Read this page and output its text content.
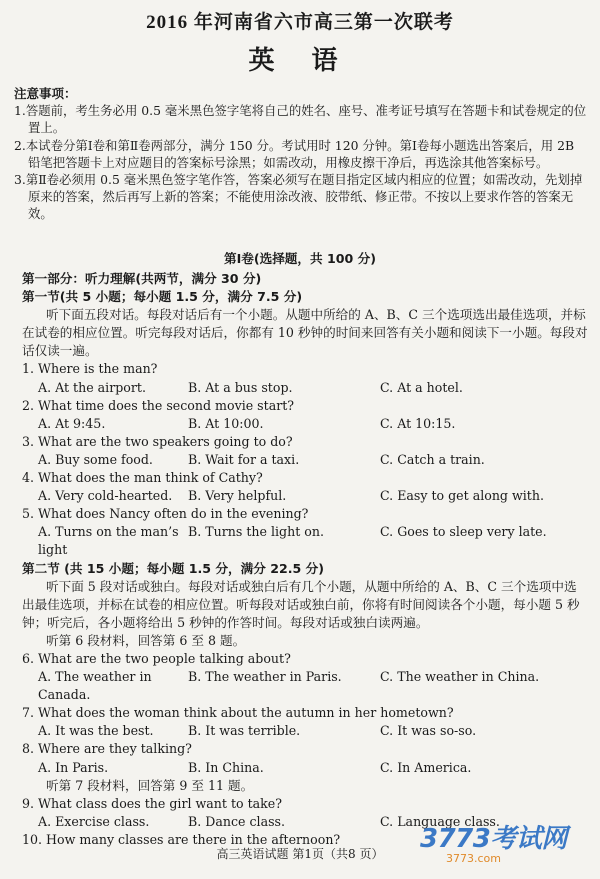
2016 年河南省六市高三第一次联考
英 语
注意事项：
1.答题前，考生务必用 0.5 毫米黑色签字笔将自己的姓名、座号、准考证号填写在答题卡和试卷规定的位置上。
2.本试卷分第Ⅰ卷和第Ⅱ卷两部分，满分 150 分。考试用时 120 分钟。第Ⅰ卷每小题选出答案后，用 2B 铅笔把答题卡上对应题目的答案标号涂黑；如需改动，用橡皮擦干净后，再选涂其他答案标号。
3.第Ⅱ卷必须用 0.5 毫米黑色签字笔作答，答案必须写在题目指定区域内相应的位置；如需改动，先划掉原来的答案，然后再写上新的答案；不能使用涂改液、胶带纸、修正带。不按以上要求作答的答案无效。
第Ⅰ卷(选择题，共 100 分)
第一部分：听力理解(共两节，满分 30 分)
第一节(共 5 小题；每小题 1.5 分，满分 7.5 分)
听下面五段对话。每段对话后有一个小题。从题中所给的 A、B、C 三个选项选出最佳选项，并标在试卷的相应位置。听完每段对话后，你都有 10 秒钟的时间来回答有关小题和阅读下一小题。每段对话仅读一遍。
1. Where is the man?
A. At the airport.	B. At a bus stop.	C. At a hotel.
2. What time does the second movie start?
A. At 9:45.	B. At 10:00.	C. At 10:15.
3. What are the two speakers going to do?
A. Buy some food.	B. Wait for a taxi.	C. Catch a train.
4. What does the man think of Cathy?
A. Very cold-hearted.	B. Very helpful.	C. Easy to get along with.
5. What does Nancy often do in the evening?
A. Turns on the man’s light
B. Turns the light on.	C. Goes to sleep very late.
第二节 (共 15 小题；每小题 1.5 分，满分 22.5 分)
听下面 5 段对话或独白。每段对话或独白后有几个小题，从题中所给的 A、B、C 三个选项中选出最佳选项，并标在试卷的相应位置。听每段对话或独白前，你将有时间阅读各个小题，每小题 5 秒钟；听完后，各小题将给出 5 秒钟的作答时间。每段对话或独白读两遍。
听第 6 段材料，回答第 6 至 8 题。
6. What are the two people talking about?
A. The weather in Canada.
B. The weather in Paris.	C. The weather in China.
7. What does the woman think about the autumn in her hometown?
A. It was the best.	B. It was terrible.	C. It was so-so.
8. Where are they talking?
A. In Paris.	B. In China.	C. In America.
听第 7 段材料，回答第 9 至 11 题。
9. What class does the girl want to take?
A. Exercise class.	B. Dance class.	C. Language class.
10. How many classes are there in the afternoon?
高三英语试题 第1页（共8 页）	3773考试网
3773.com
